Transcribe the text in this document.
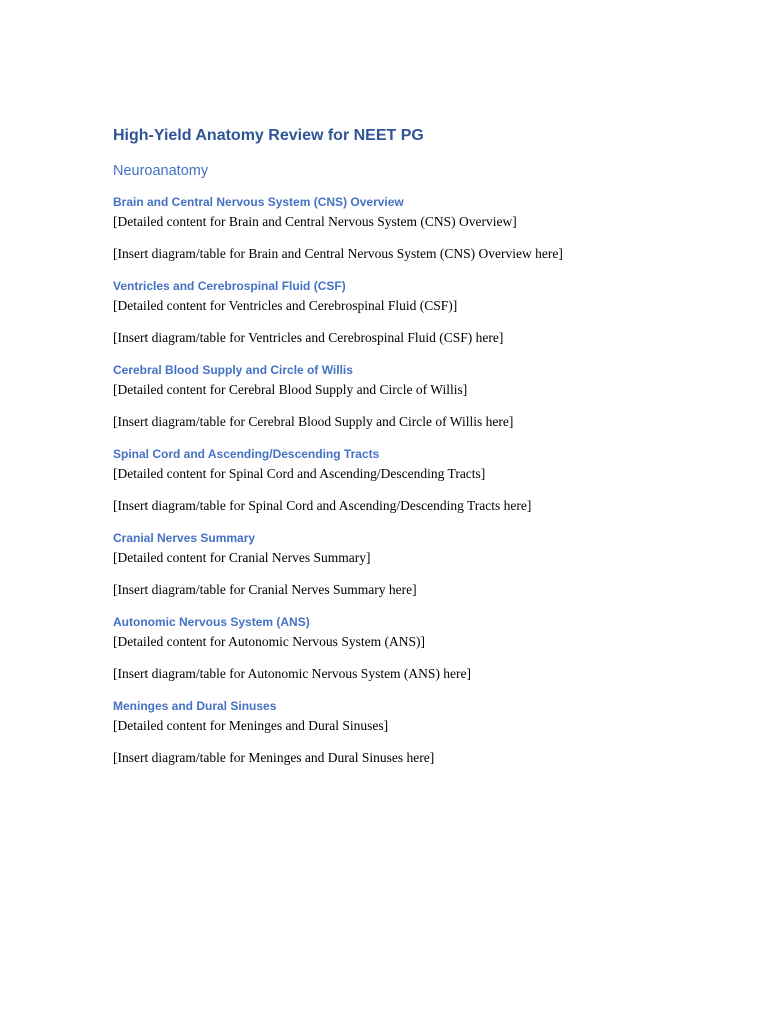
High-Yield Anatomy Review for NEET PG
Neuroanatomy
Brain and Central Nervous System (CNS) Overview
[Detailed content for Brain and Central Nervous System (CNS) Overview]
[Insert diagram/table for Brain and Central Nervous System (CNS) Overview here]
Ventricles and Cerebrospinal Fluid (CSF)
[Detailed content for Ventricles and Cerebrospinal Fluid (CSF)]
[Insert diagram/table for Ventricles and Cerebrospinal Fluid (CSF) here]
Cerebral Blood Supply and Circle of Willis
[Detailed content for Cerebral Blood Supply and Circle of Willis]
[Insert diagram/table for Cerebral Blood Supply and Circle of Willis here]
Spinal Cord and Ascending/Descending Tracts
[Detailed content for Spinal Cord and Ascending/Descending Tracts]
[Insert diagram/table for Spinal Cord and Ascending/Descending Tracts here]
Cranial Nerves Summary
[Detailed content for Cranial Nerves Summary]
[Insert diagram/table for Cranial Nerves Summary here]
Autonomic Nervous System (ANS)
[Detailed content for Autonomic Nervous System (ANS)]
[Insert diagram/table for Autonomic Nervous System (ANS) here]
Meninges and Dural Sinuses
[Detailed content for Meninges and Dural Sinuses]
[Insert diagram/table for Meninges and Dural Sinuses here]
